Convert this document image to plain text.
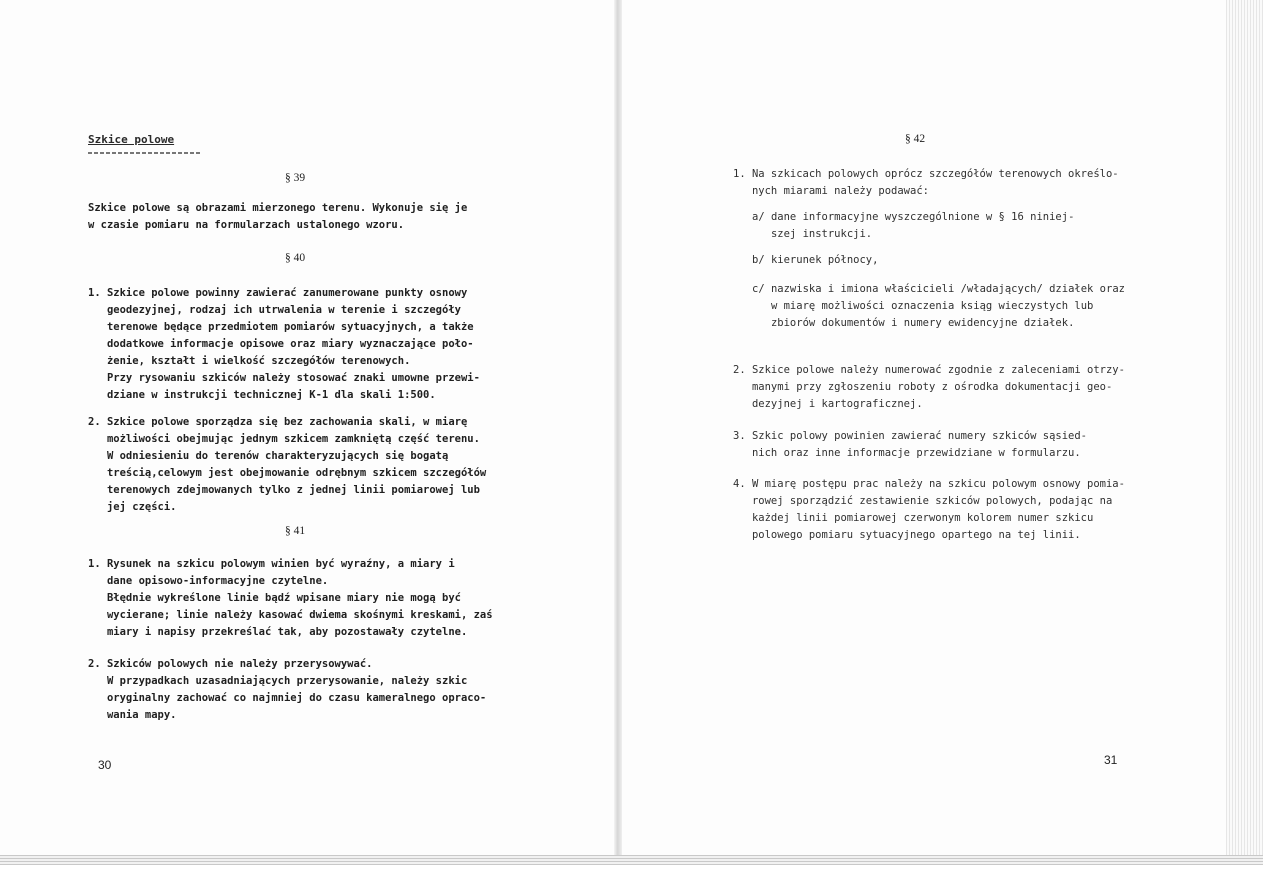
Szkice polowe
§ 39
Szkice polowe są obrazami mierzonego terenu. Wykonuje się je
w czasie pomiaru na formularzach ustalonego wzoru.
§ 40
1. Szkice polowe powinny zawierać zanumerowane punkty osnowy
geodezyjnej, rodzaj ich utrwalenia w terenie i szczegóły
terenowe będące przedmiotem pomiarów sytuacyjnych, a także
dodatkowe informacje opisowe oraz miary wyznaczające poło-
żenie, kształt i wielkość szczegółów terenowych.
Przy rysowaniu szkiców należy stosować znaki umowne przewi-
dziane w instrukcji technicznej K-1 dla skali 1:500.
2. Szkice polowe sporządza się bez zachowania skali, w miarę
możliwości obejmując jednym szkicem zamkniętą część terenu.
W odniesieniu do terenów charakteryzujących się bogatą
treścią,celowym jest obejmowanie odrębnym szkicem szczegółów
terenowych zdejmowanych tylko z jednej linii pomiarowej lub
jej części.
§ 41
1. Rysunek na szkicu polowym winien być wyraźny, a miary i
dane opisowo-informacyjne czytelne.
Błędnie wykreślone linie bądź wpisane miary nie mogą być
wycierane; linie należy kasować dwiema skośnymi kreskami, zaś
miary i napisy przekreślać tak, aby pozostawały czytelne.
2. Szkiców polowych nie należy przerysowywać.
W przypadkach uzasadniających przerysowanie, należy szkic
oryginalny zachować co najmniej do czasu kameralnego opraco-
wania mapy.
30
§ 42
1. Na szkicach polowych oprócz szczegółów terenowych określo-
nych miarami należy podawać:
a/ dane informacyjne wyszczególnione w § 16 niniej-
szej instrukcji.
b/ kierunek północy,
c/ nazwiska i imiona właścicieli /władających/ działek oraz
w miarę możliwości oznaczenia ksiąg wieczystych lub
zbiorów dokumentów i numery ewidencyjne działek.
2. Szkice polowe należy numerować zgodnie z zaleceniami otrzy-
manymi przy zgłoszeniu roboty z ośrodka dokumentacji geo-
dezyjnej i kartograficznej.
3. Szkic polowy powinien zawierać numery szkiców sąsied-
nich oraz inne informacje przewidziane w formularzu.
4. W miarę postępu prac należy na szkicu polowym osnowy pomia-
rowej sporządzić zestawienie szkiców polowych, podając na
każdej linii pomiarowej czerwonym kolorem numer szkicu
polowego pomiaru sytuacyjnego opartego na tej linii.
31
